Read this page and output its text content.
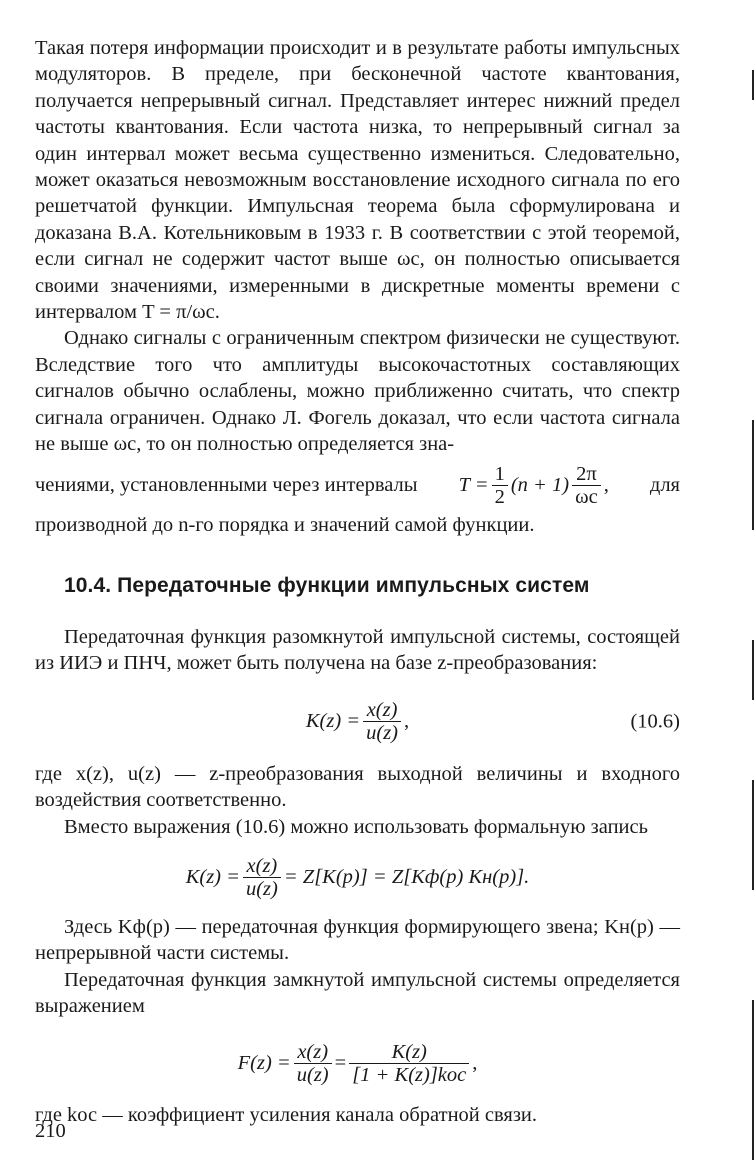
Такая потеря информации происходит и в результате работы импульсных модуляторов. В пределе, при бесконечной частоте квантования, получается непрерывный сигнал. Представляет интерес нижний предел частоты квантования. Если частота низка, то непрерывный сигнал за один интервал может весьма существенно измениться. Следовательно, может оказаться невозможным восстановление исходного сигнала по его решетчатой функции. Импульсная теорема была сформулирована и доказана В.А. Котельниковым в 1933 г. В соответствии с этой теоремой, если сигнал не содержит частот выше ωс, он полностью описывается своими значениями, измеренными в дискретные моменты времени с интервалом T = π/ωс.

Однако сигналы с ограниченным спектром физически не существуют. Вследствие того что амплитуды высокочастотных составляющих сигналов обычно ослаблены, можно приближенно считать, что спектр сигнала ограничен. Однако Л. Фогель доказал, что если частота сигнала не выше ωс, то он полностью определяется зна-

чениями, установленными через интервалы $T = \frac{1}{2} (n + 1) \frac{2\pi}{\omega с}$ , для

производной до n-го порядка и значений самой функции.

10.4. Передаточные функции импульсных систем

Передаточная функция разомкнутой импульсной системы, состоящей из ИИЭ и ПНЧ, может быть получена на базе z-преобразования:

$K(z) = \frac{x(z)}{u(z)}$ ,	(10.6)

где x(z), u(z) — z-преобразования выходной величины и входного воздействия соответственно.

Вместо выражения (10.6) можно использовать формальную запись

$K(z) = \frac{x(z)}{u(z)} = Z[K(p)] = Z[Kф(p)$ Kн(p)].

Здесь Kф(p) — передаточная функция формирующего звена; Kн(p) — непрерывной части системы.

Передаточная функция замкнутой импульсной системы определяется выражением

$F(z) = \frac{x(z)}{u(z)} = \frac{K(z)}{\text{[1 + K(z)]kос}}$ ,

где kос — коэффициент усиления канала обратной связи.

210
